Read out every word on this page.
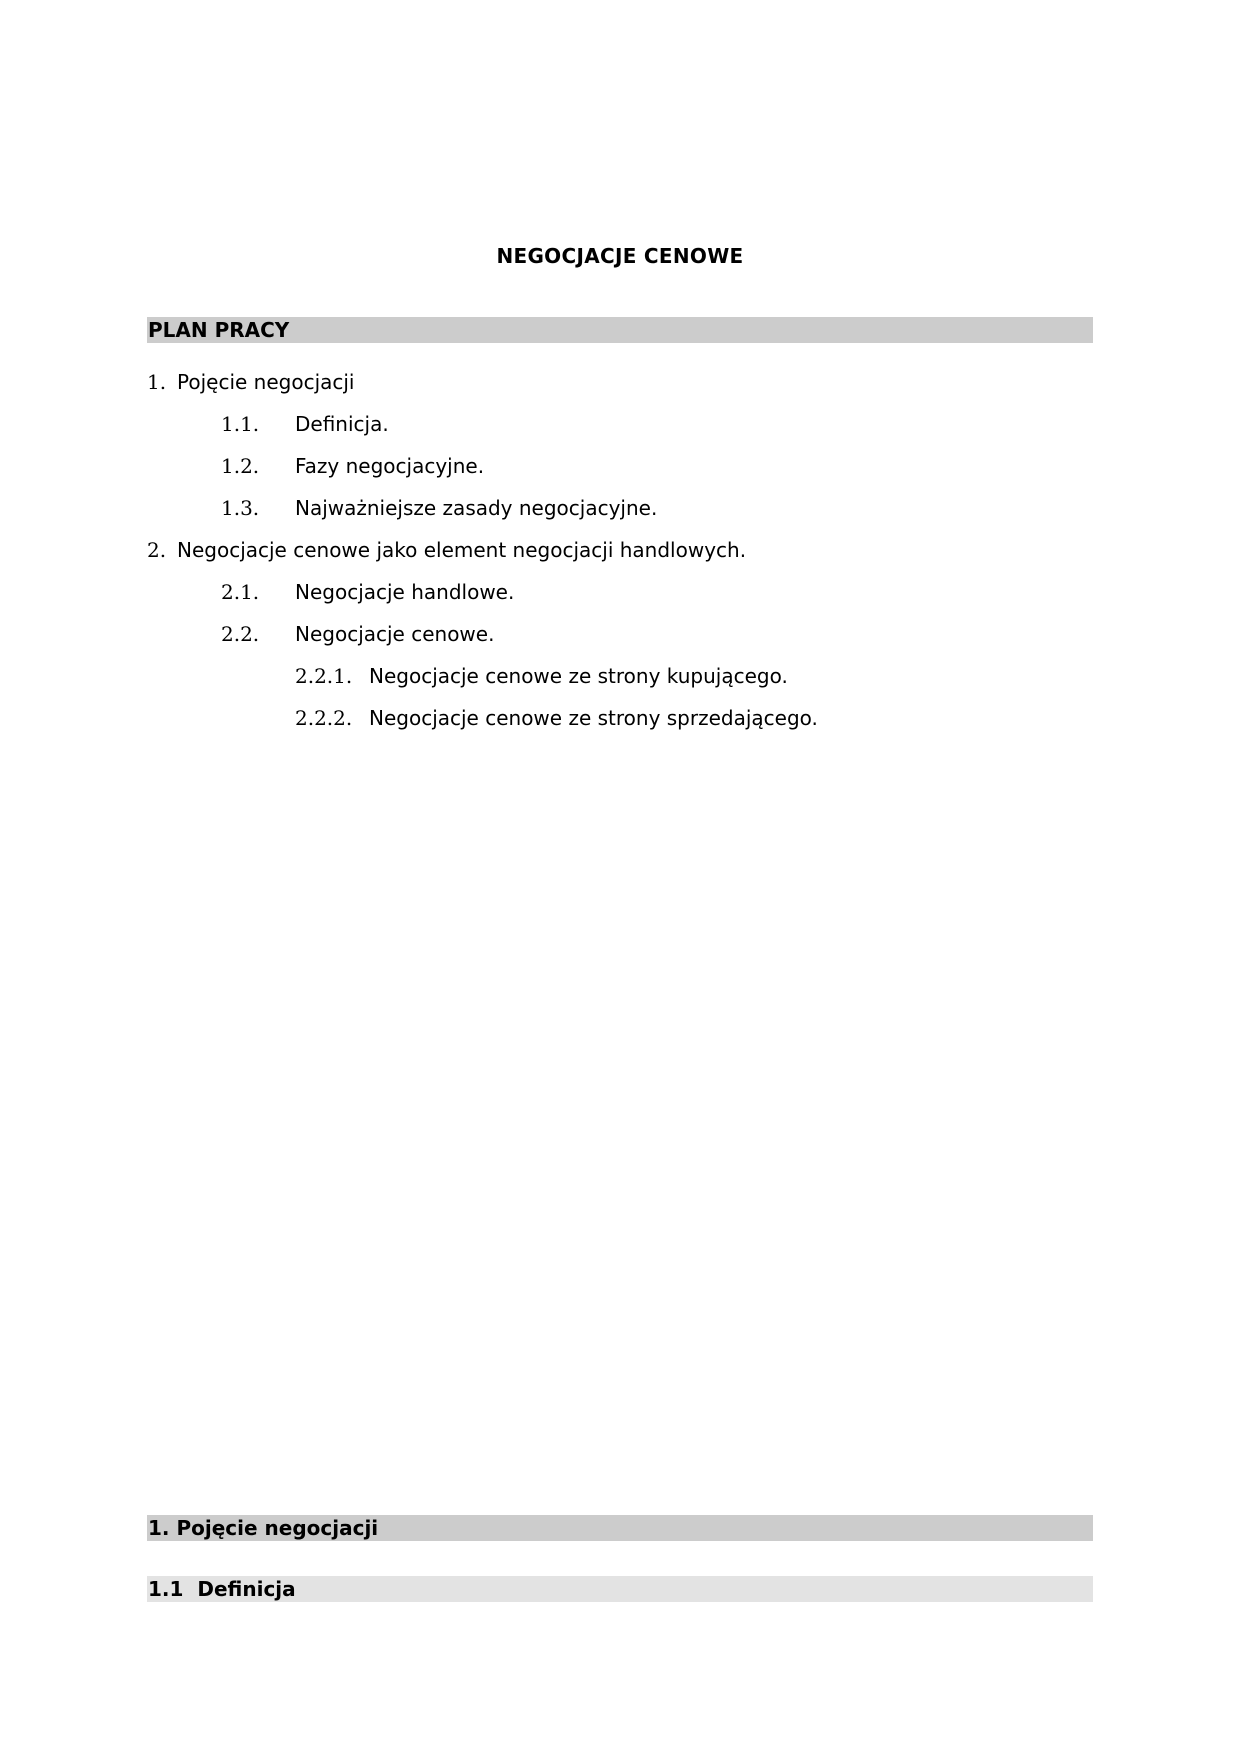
NEGOCJACJE CENOWE
PLAN PRACY
1. Pojęcie negocjacji
1.1. Definicja.
1.2. Fazy negocjacyjne.
1.3. Najważniejsze zasady negocjacyjne.
2. Negocjacje cenowe jako element negocjacji handlowych.
2.1. Negocjacje handlowe.
2.2. Negocjacje cenowe.
2.2.1. Negocjacje cenowe ze strony kupującego.
2.2.2. Negocjacje cenowe ze strony sprzedającego.
1. Pojęcie negocjacji
1.1  Definicja
